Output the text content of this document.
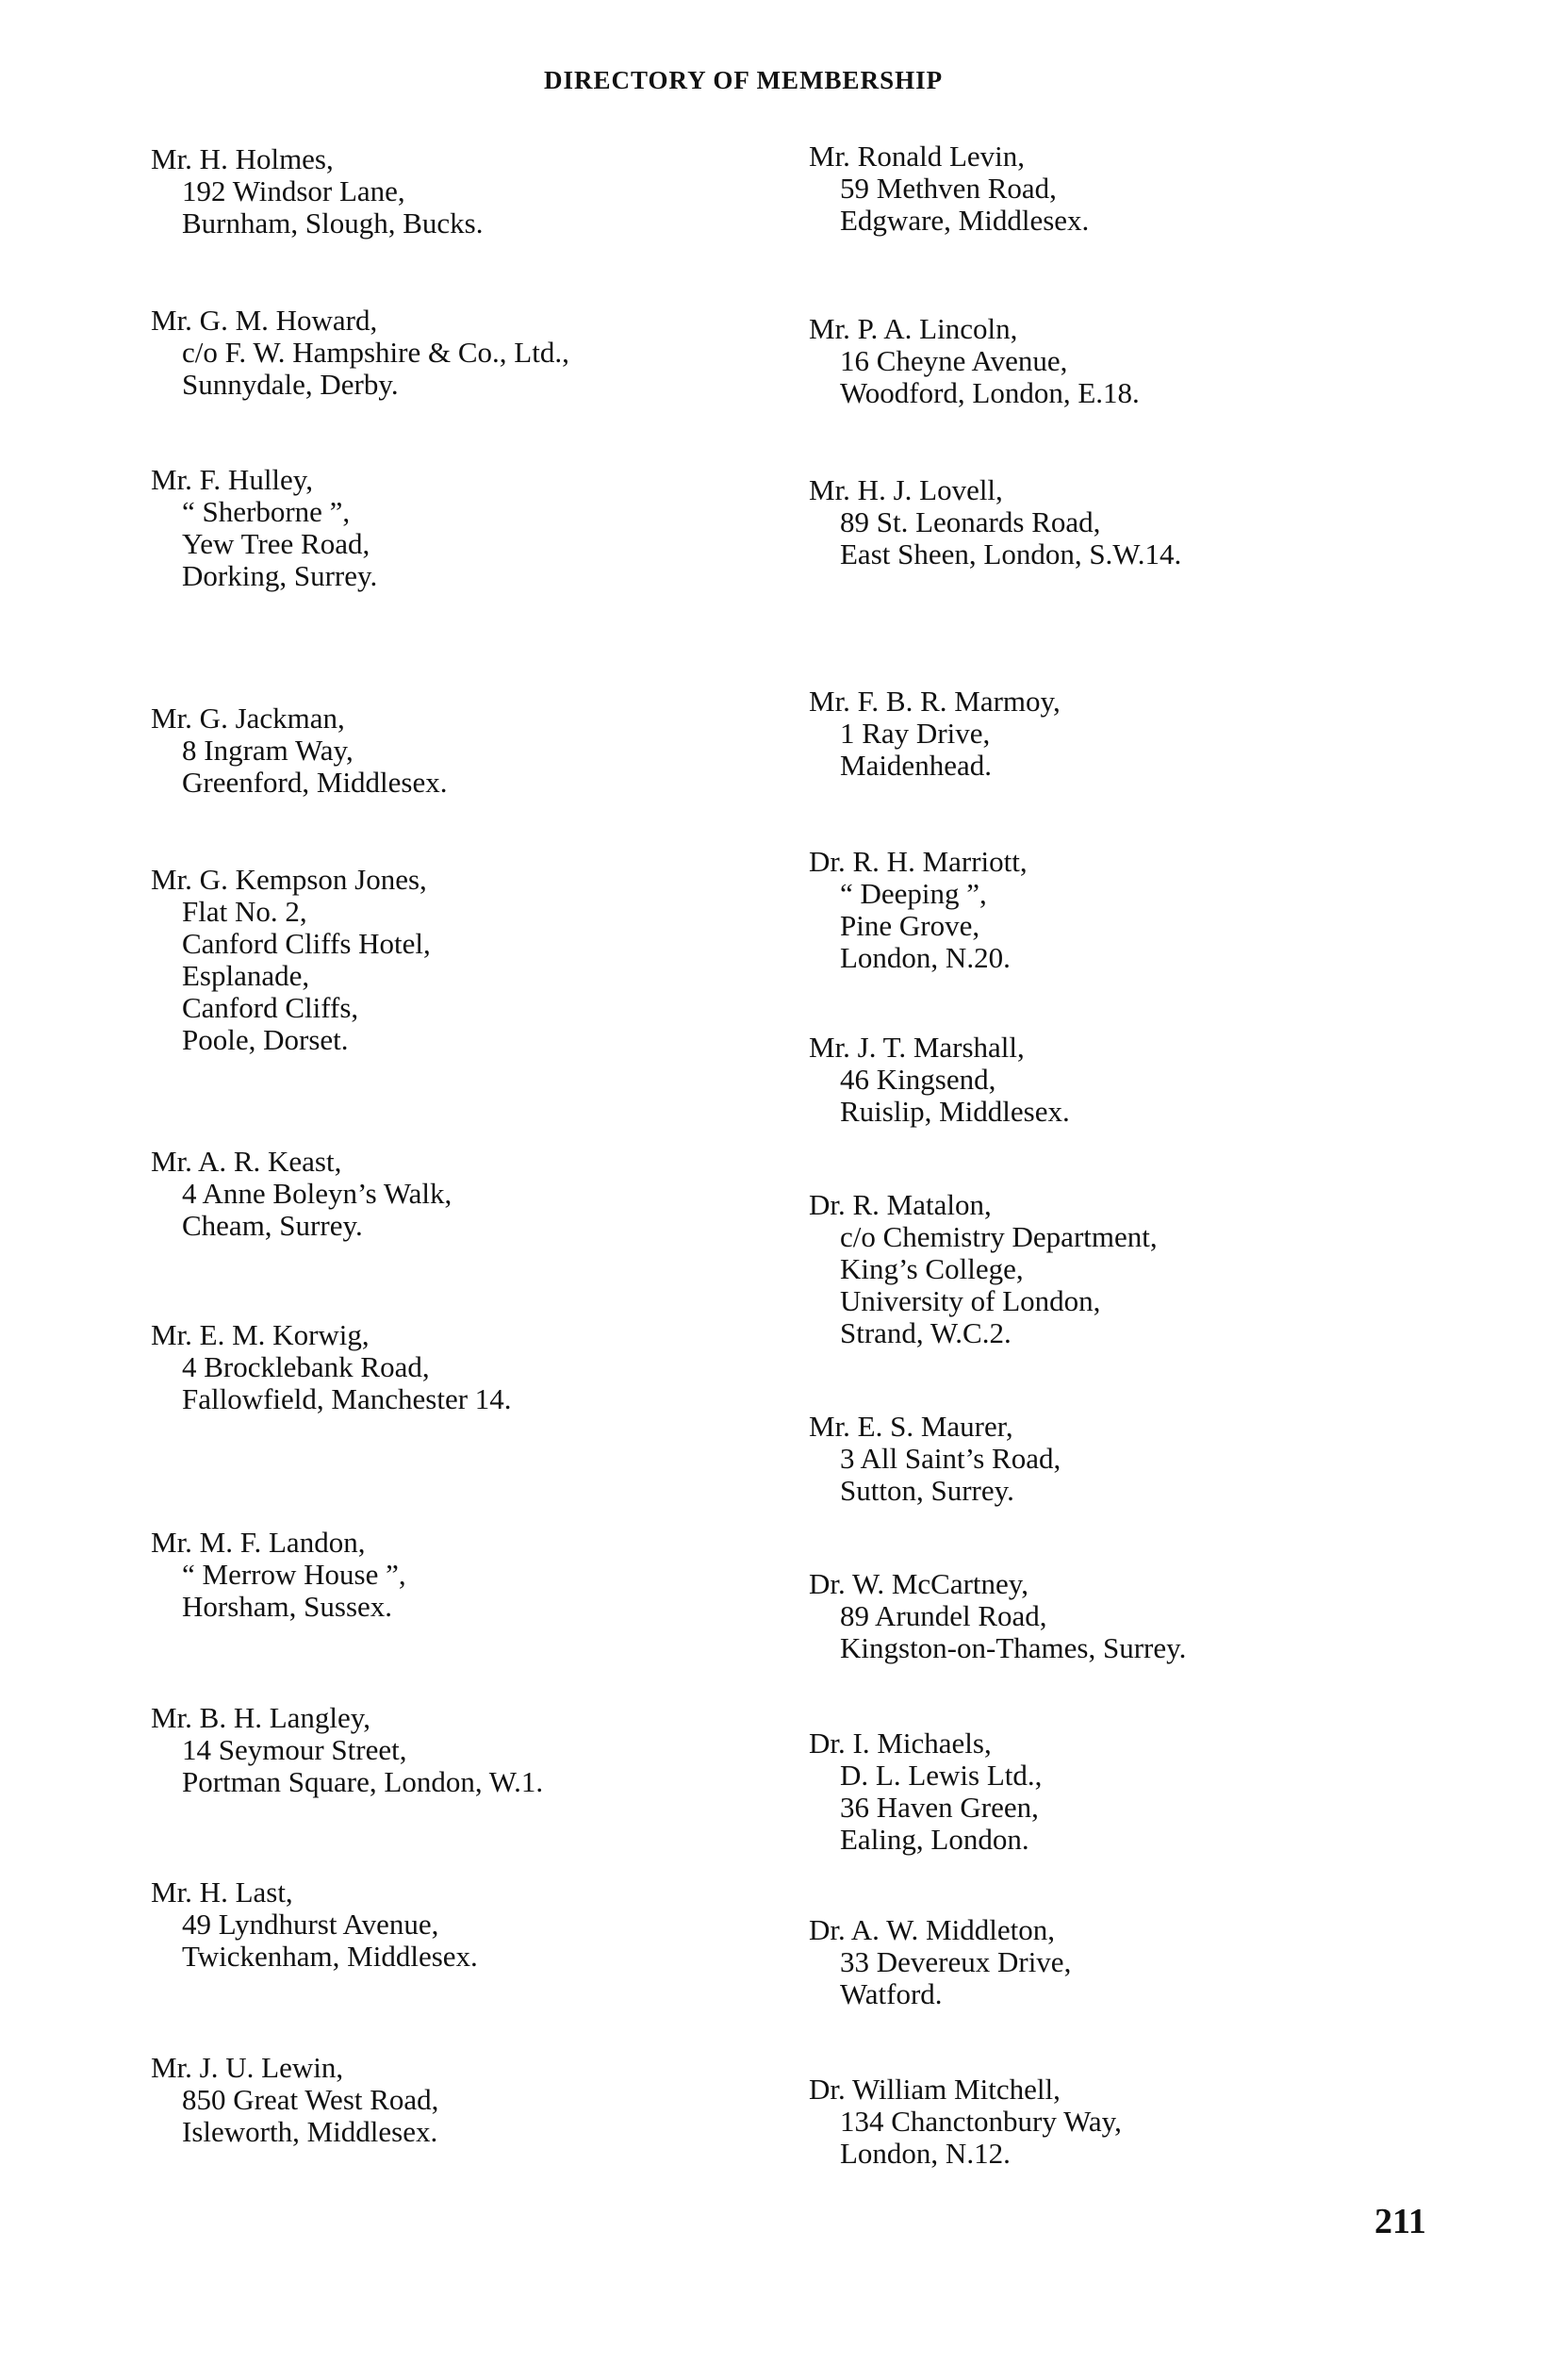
DIRECTORY OF MEMBERSHIP
Mr. H. Holmes,
192 Windsor Lane,
Burnham, Slough, Bucks.
Mr. G. M. Howard,
c/o F. W. Hampshire & Co., Ltd.,
Sunnydale, Derby.
Mr. F. Hulley,
“ Sherborne ”,
Yew Tree Road,
Dorking, Surrey.
Mr. G. Jackman,
8 Ingram Way,
Greenford, Middlesex.
Mr. G. Kempson Jones,
Flat No. 2,
Canford Cliffs Hotel,
Esplanade,
Canford Cliffs,
Poole, Dorset.
Mr. A. R. Keast,
4 Anne Boleyn’s Walk,
Cheam, Surrey.
Mr. E. M. Korwig,
4 Brocklebank Road,
Fallowfield, Manchester 14.
Mr. M. F. Landon,
“ Merrow House ”,
Horsham, Sussex.
Mr. B. H. Langley,
14 Seymour Street,
Portman Square, London, W.1.
Mr. H. Last,
49 Lyndhurst Avenue,
Twickenham, Middlesex.
Mr. J. U. Lewin,
850 Great West Road,
Isleworth, Middlesex.
Mr. Ronald Levin,
59 Methven Road,
Edgware, Middlesex.
Mr. P. A. Lincoln,
16 Cheyne Avenue,
Woodford, London, E.18.
Mr. H. J. Lovell,
89 St. Leonards Road,
East Sheen, London, S.W.14.
Mr. F. B. R. Marmoy,
1 Ray Drive,
Maidenhead.
Dr. R. H. Marriott,
“ Deeping ”,
Pine Grove,
London, N.20.
Mr. J. T. Marshall,
46 Kingsend,
Ruislip, Middlesex.
Dr. R. Matalon,
c/o Chemistry Department,
King’s College,
University of London,
Strand, W.C.2.
Mr. E. S. Maurer,
3 All Saint’s Road,
Sutton, Surrey.
Dr. W. McCartney,
89 Arundel Road,
Kingston-on-Thames, Surrey.
Dr. I. Michaels,
D. L. Lewis Ltd.,
36 Haven Green,
Ealing, London.
Dr. A. W. Middleton,
33 Devereux Drive,
Watford.
Dr. William Mitchell,
134 Chanctonbury Way,
London, N.12.
211
